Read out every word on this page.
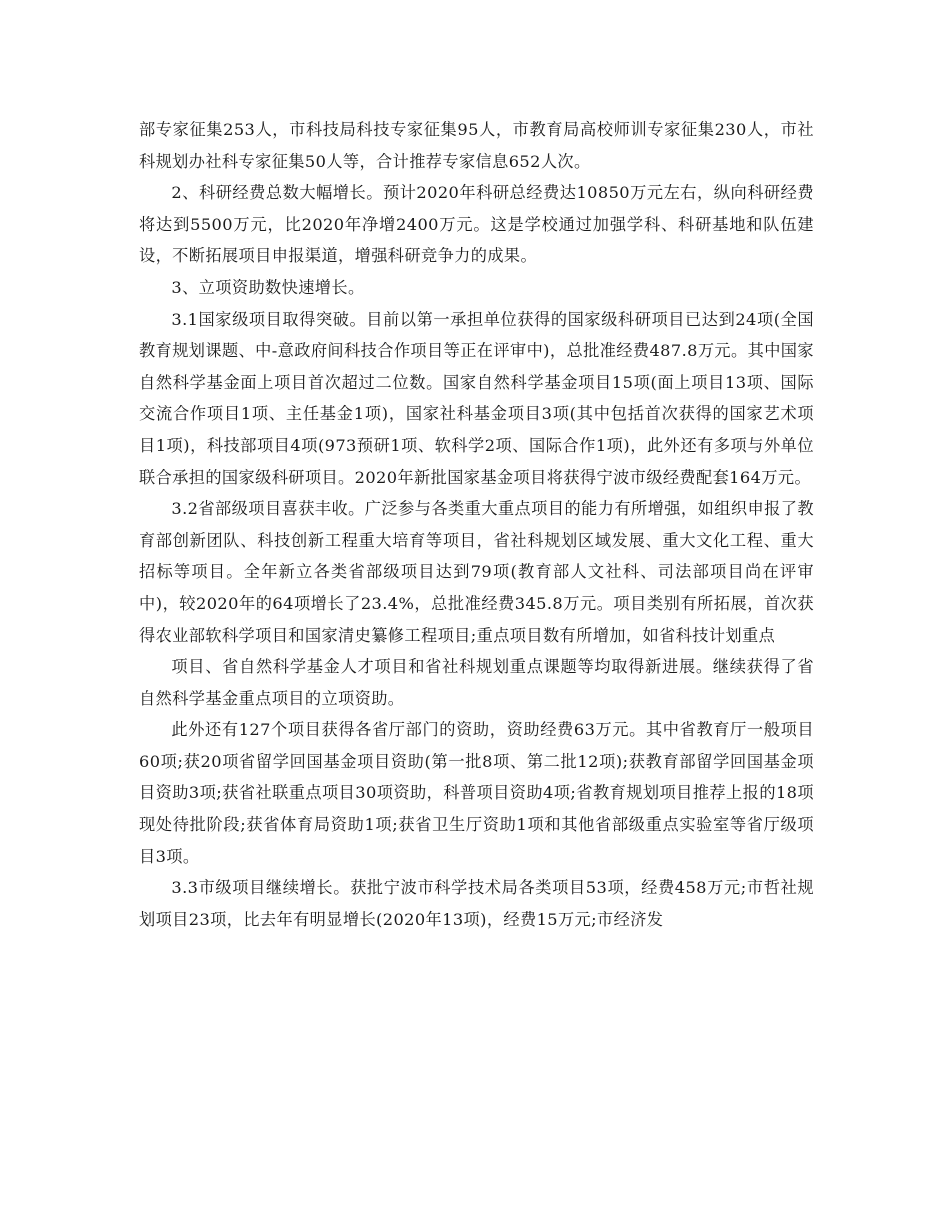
部专家征集253人，市科技局科技专家征集95人，市教育局高校师训专家征集230人，市社科规划办社科专家征集50人等，合计推荐专家信息652人次。

2、科研经费总数大幅增长。预计2020年科研总经费达10850万元左右，纵向科研经费将达到5500万元，比2020年净增2400万元。这是学校通过加强学科、科研基地和队伍建设，不断拓展项目申报渠道，增强科研竞争力的成果。

3、立项资助数快速增长。

3.1国家级项目取得突破。目前以第一承担单位获得的国家级科研项目已达到24项(全国教育规划课题、中-意政府间科技合作项目等正在评审中)，总批准经费487.8万元。其中国家自然科学基金面上项目首次超过二位数。国家自然科学基金项目15项(面上项目13项、国际交流合作项目1项、主任基金1项)，国家社科基金项目3项(其中包括首次获得的国家艺术项目1项)，科技部项目4项(973预研1项、软科学2项、国际合作1项)，此外还有多项与外单位联合承担的国家级科研项目。2020年新批国家基金项目将获得宁波市级经费配套164万元。

3.2省部级项目喜获丰收。广泛参与各类重大重点项目的能力有所增强，如组织申报了教育部创新团队、科技创新工程重大培育等项目，省社科规划区域发展、重大文化工程、重大招标等项目。全年新立各类省部级项目达到79项(教育部人文社科、司法部项目尚在评审中)，较2020年的64项增长了23.4%，总批准经费345.8万元。项目类别有所拓展，首次获得农业部软科学项目和国家清史纂修工程项目;重点项目数有所增加，如省科技计划重点

项目、省自然科学基金人才项目和省社科规划重点课题等均取得新进展。继续获得了省自然科学基金重点项目的立项资助。

此外还有127个项目获得各省厅部门的资助，资助经费63万元。其中省教育厅一般项目60项;获20项省留学回国基金项目资助(第一批8项、第二批12项);获教育部留学回国基金项目资助3项;获省社联重点项目30项资助，科普项目资助4项;省教育规划项目推荐上报的18项现处待批阶段;获省体育局资助1项;获省卫生厅资助1项和其他省部级重点实验室等省厅级项目3项。

3.3市级项目继续增长。获批宁波市科学技术局各类项目53项，经费458万元;市哲社规划项目23项，比去年有明显增长(2020年13项)，经费15万元;市经济发
